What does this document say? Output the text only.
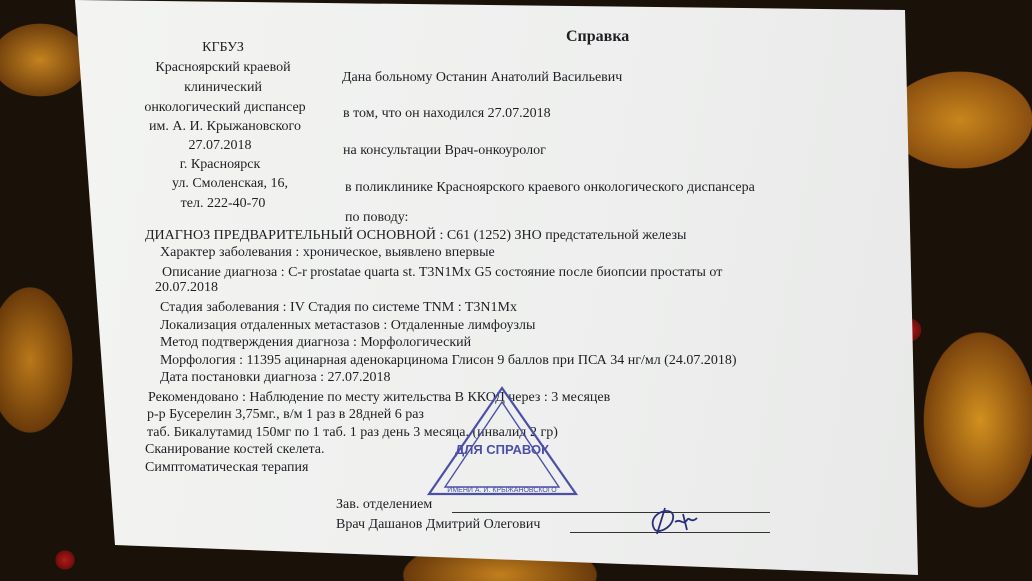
КГБУЗ
Красноярский краевой
клинический
онкологический диспансер
им. А. И. Крыжановского
27.07.2018
г. Красноярск
ул. Смоленская, 16,
тел. 222-40-70
Справка
Дана больному Останин Анатолий Васильевич
в том, что он находился 27.07.2018
на консультации Врач-онкоуролог
в поликлинике Красноярского краевого онкологического диспансера
по поводу:
ДИАГНОЗ ПРЕДВАРИТЕЛЬНЫЙ ОСНОВНОЙ : C61 (1252) ЗНО предстательной железы
Характер заболевания : хроническое, выявлено впервые
Описание диагноза : C-r prostatae quarta st. T3N1Mx G5 состояние после биопсии простаты от
20.07.2018
Стадия заболевания : IV Стадия по системе TNM : T3N1Mx
Локализация отдаленных метастазов : Отдаленные лимфоузлы
Метод подтверждения диагноза : Морфологический
Морфология : 11395 ацинарная аденокарцинома Глисон 9 баллов при ПСА 34 нг/мл (24.07.2018)
Дата постановки диагноза : 27.07.2018
Рекомендовано : Наблюдение по месту жительства В ККОД через : 3 месяцев
р-р Бусерелин 3,75мг., в/м 1 раз в 28дней 6 раз
таб. Бикалутамид 150мг по 1 таб. 1 раз день 3 месяца. (инвалид 2 гр)
Сканирование костей скелета.
Симптоматическая терапия
ДЛЯ СПРАВОК
ИМЕНИ А. И. КРЫЖАНОВСКОГО
Зав. отделением
Врач Дашанов Дмитрий Олегович
